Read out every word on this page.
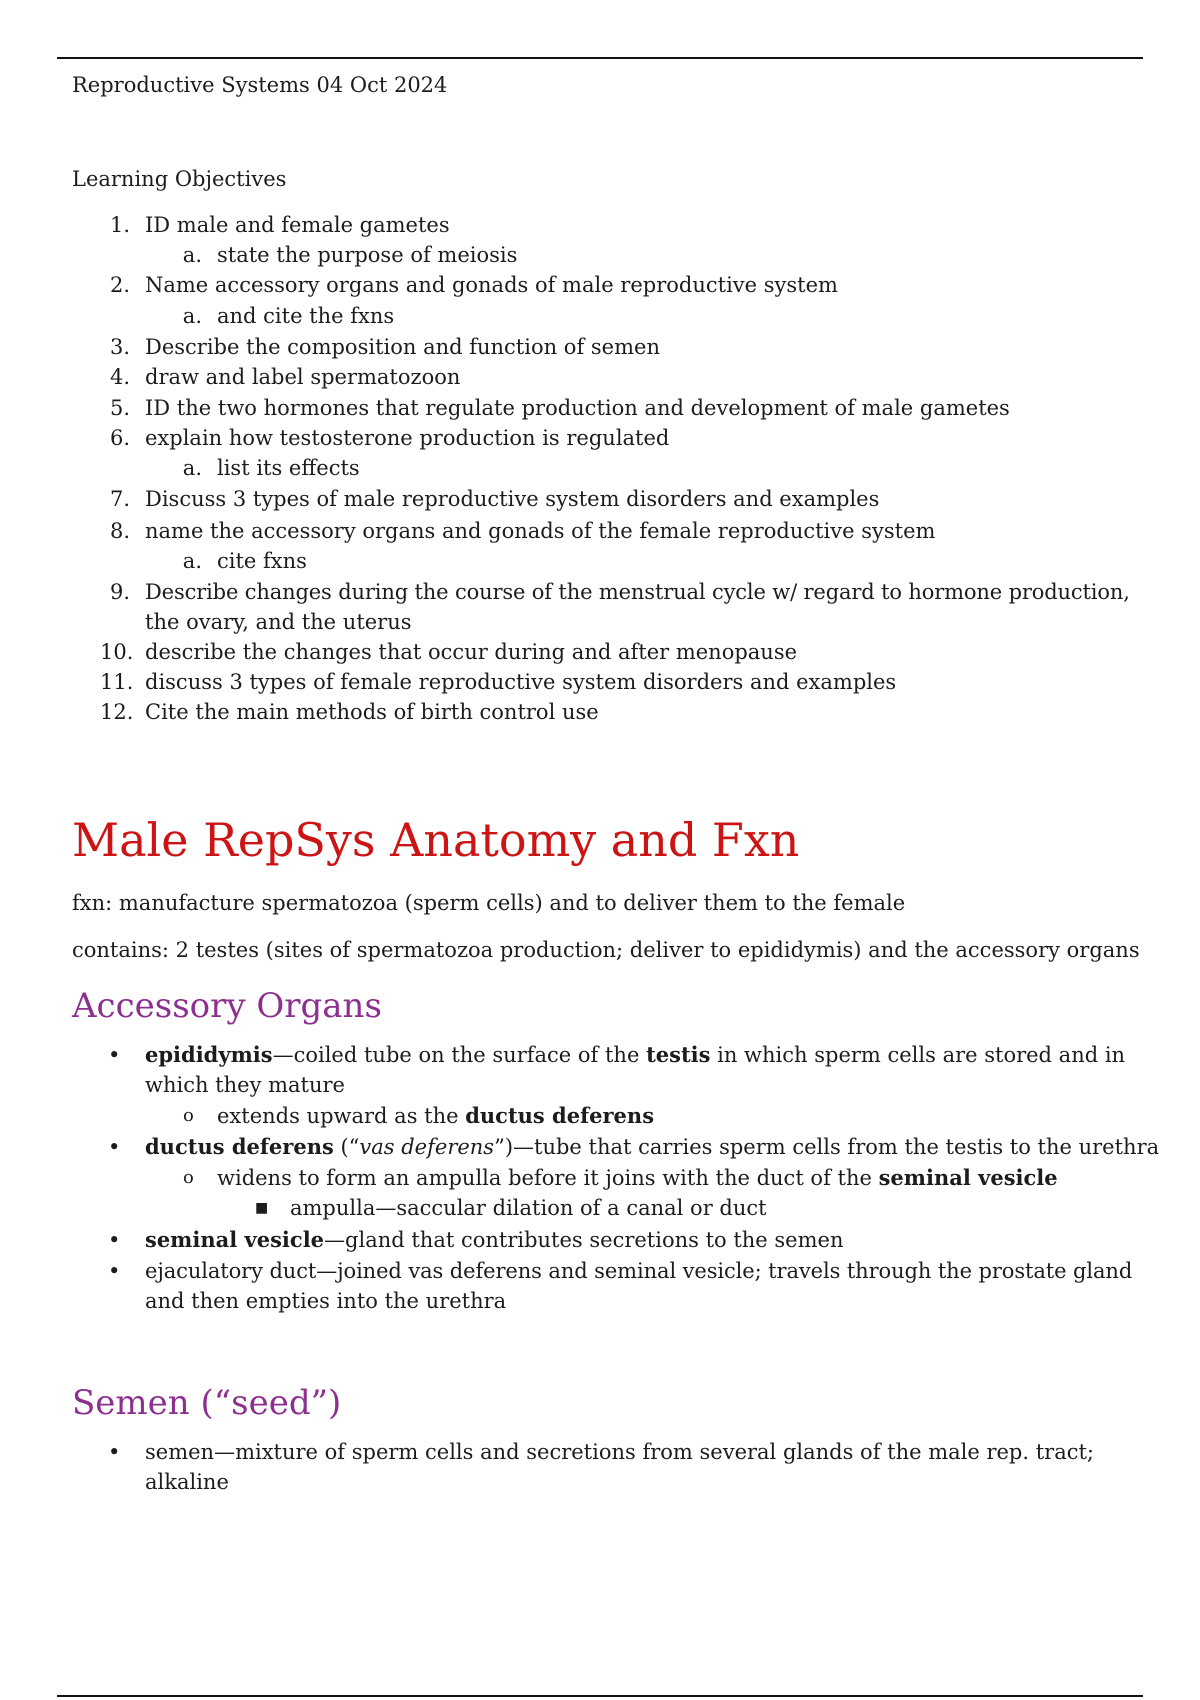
Reproductive Systems 04 Oct 2024
Learning Objectives
1. ID male and female gametes
a. state the purpose of meiosis
2. Name accessory organs and gonads of male reproductive system
a. and cite the fxns
3. Describe the composition and function of semen
4. draw and label spermatozoon
5. ID the two hormones that regulate production and development of male gametes
6. explain how testosterone production is regulated
a. list its effects
7. Discuss 3 types of male reproductive system disorders and examples
8. name the accessory organs and gonads of the female reproductive system
a. cite fxns
9. Describe changes during the course of the menstrual cycle w/ regard to hormone production,
the ovary, and the uterus
10. describe the changes that occur during and after menopause
11. discuss 3 types of female reproductive system disorders and examples
12. Cite the main methods of birth control use
Male RepSys Anatomy and Fxn
fxn: manufacture spermatozoa (sperm cells) and to deliver them to the female
contains: 2 testes (sites of spermatozoa production; deliver to epididymis) and the accessory organs
Accessory Organs
• epididymis—coiled tube on the surface of the testis in which sperm cells are stored and in
which they mature
o extends upward as the ductus deferens
• ductus deferens (“vas deferens”)—tube that carries sperm cells from the testis to the urethra
o widens to form an ampulla before it joins with the duct of the seminal vesicle
■ ampulla—saccular dilation of a canal or duct
• seminal vesicle—gland that contributes secretions to the semen
• ejaculatory duct—joined vas deferens and seminal vesicle; travels through the prostate gland
and then empties into the urethra
Semen (“seed”)
• semen—mixture of sperm cells and secretions from several glands of the male rep. tract;
alkaline
